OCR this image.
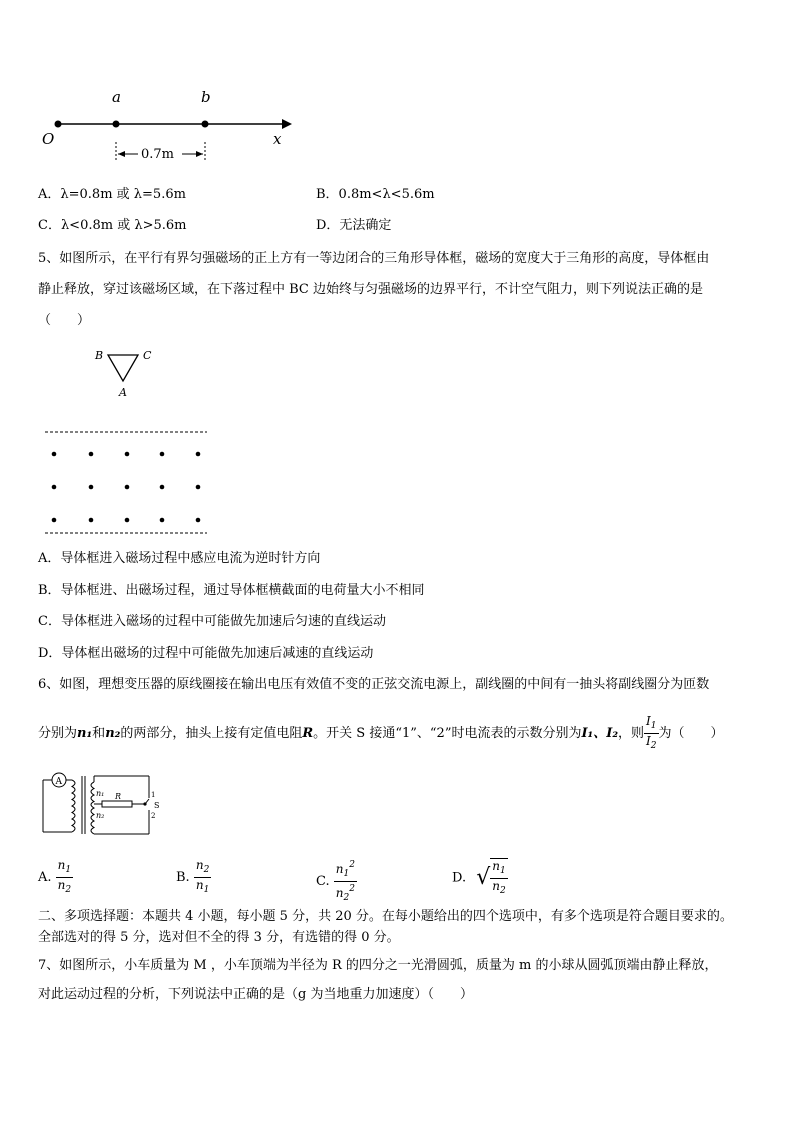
O
a	b
x
0.7m
A．λ=0.8m 或 λ=5.6m	B．0.8m<λ<5.6m
C．λ<0.8m 或 λ>5.6m	D．无法确定
5、如图所示，在平行有界匀强磁场的正上方有一等边闭合的三角形导体框，磁场的宽度大于三角形的高度，导体框由
静止释放，穿过该磁场区域，在下落过程中 BC 边始终与匀强磁场的边界平行，不计空气阻力，则下列说法正确的是
（　　）
B	C
A
A．导体框进入磁场过程中感应电流为逆时针方向
B．导体框进、出磁场过程，通过导体框横截面的电荷量大小不相同
C．导体框进入磁场的过程中可能做先加速后匀速的直线运动
D．导体框出磁场的过程中可能做先加速后减速的直线运动
6、如图，理想变压器的原线圈接在输出电压有效值不变的正弦交流电源上，副线圈的中间有一抽头将副线圈分为匝数
分别为n₁和n₂的两部分，抽头上接有定值电阻R。开关 S 接通“1”、“2”时电流表的示数分别为I₁、I₂，则 $\frac{I_1}{I_2}$ 为（　　）
A
R
n₁
n₂
S
1
2
A. $\frac{n_1}{n_2}$	B. $\frac{n_2}{n_1}$	C. $\frac{n_1^2}{n_2^2}$	D. √ $\frac{n_1}{n_2}$
二、多项选择题：本题共 4 小题，每小题 5 分，共 20 分。在每小题给出的四个选项中，有多个选项是符合题目要求的。
全部选对的得 5 分，选对但不全的得 3 分，有选错的得 0 分。
7、如图所示，小车质量为 M ，小车顶端为半径为 R 的四分之一光滑圆弧，质量为 m 的小球从圆弧顶端由静止释放，
对此运动过程的分析，下列说法中正确的是（g 为当地重力加速度）（　　）
